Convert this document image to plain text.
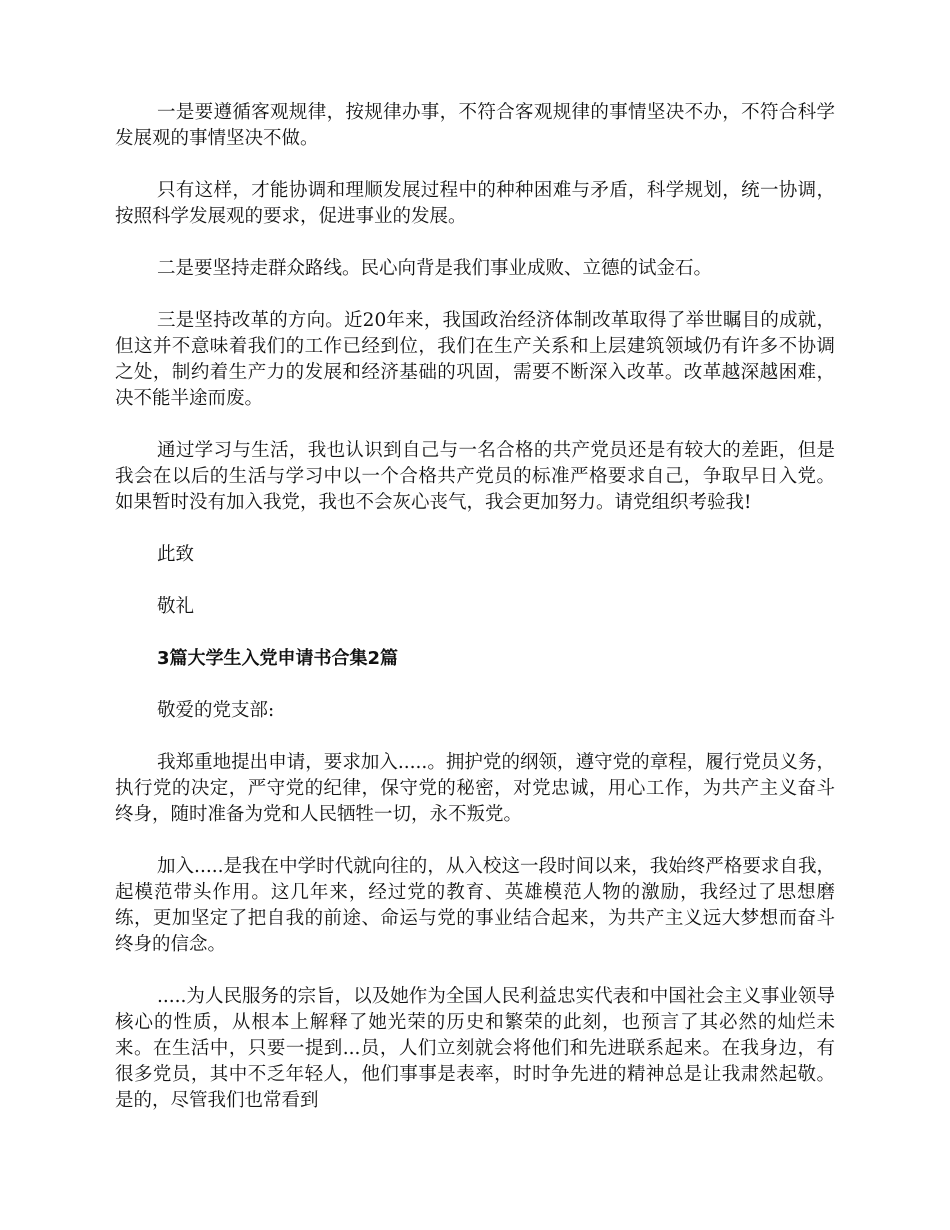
一是要遵循客观规律，按规律办事，不符合客观规律的事情坚决不办，不符合科学发展观的事情坚决不做。

只有这样，才能协调和理顺发展过程中的种种困难与矛盾，科学规划，统一协调，按照科学发展观的要求，促进事业的发展。

二是要坚持走群众路线。民心向背是我们事业成败、立德的试金石。

三是坚持改革的方向。近20年来，我国政治经济体制改革取得了举世瞩目的成就，但这并不意味着我们的工作已经到位，我们在生产关系和上层建筑领域仍有许多不协调之处，制约着生产力的发展和经济基础的巩固，需要不断深入改革。改革越深越困难，决不能半途而废。

通过学习与生活，我也认识到自己与一名合格的共产党员还是有较大的差距，但是我会在以后的生活与学习中以一个合格共产党员的标准严格要求自己，争取早日入党。如果暂时没有加入我党，我也不会灰心丧气，我会更加努力。请党组织考验我!

此致

敬礼

3篇大学生入党申请书合集2篇

敬爱的党支部:

我郑重地提出申请，要求加入.....。拥护党的纲领，遵守党的章程，履行党员义务，执行党的决定，严守党的纪律，保守党的秘密，对党忠诚，用心工作，为共产主义奋斗终身，随时准备为党和人民牺牲一切，永不叛党。

加入.....是我在中学时代就向往的，从入校这一段时间以来，我始终严格要求自我，起模范带头作用。这几年来，经过党的教育、英雄模范人物的激励，我经过了思想磨练，更加坚定了把自我的前途、命运与党的事业结合起来，为共产主义远大梦想而奋斗终身的信念。

.....为人民服务的宗旨，以及她作为全国人民利益忠实代表和中国社会主义事业领导核心的性质，从根本上解释了她光荣的历史和繁荣的此刻，也预言了其必然的灿烂未来。在生活中，只要一提到...员，人们立刻就会将他们和先进联系起来。在我身边，有很多党员，其中不乏年轻人，他们事事是表率，时时争先进的精神总是让我肃然起敬。是的，尽管我们也常看到
